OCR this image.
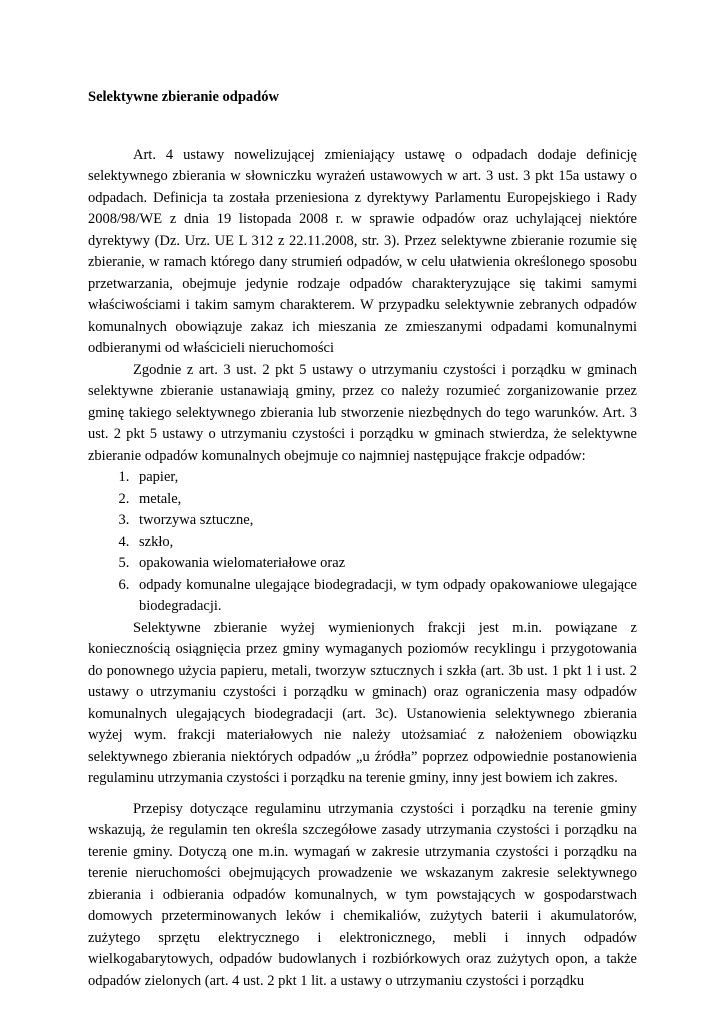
Selektywne zbieranie odpadów

Art. 4 ustawy nowelizującej zmieniający ustawę o odpadach dodaje definicję selektywnego zbierania w słowniczku wyrażeń ustawowych w art. 3 ust. 3 pkt 15a ustawy o odpadach. Definicja ta została przeniesiona z dyrektywy Parlamentu Europejskiego i Rady 2008/98/WE z dnia 19 listopada 2008 r. w sprawie odpadów oraz uchylającej niektóre dyrektywy (Dz. Urz. UE L 312 z 22.11.2008, str. 3). Przez selektywne zbieranie rozumie się zbieranie, w ramach którego dany strumień odpadów, w celu ułatwienia określonego sposobu przetwarzania, obejmuje jedynie rodzaje odpadów charakteryzujące się takimi samymi właściwościami i takim samym charakterem. W przypadku selektywnie zebranych odpadów komunalnych obowiązuje zakaz ich mieszania ze zmieszanymi odpadami komunalnymi odbieranymi od właścicieli nieruchomości

Zgodnie z art. 3 ust. 2 pkt 5 ustawy o utrzymaniu czystości i porządku w gminach selektywne zbieranie ustanawiają gminy, przez co należy rozumieć zorganizowanie przez gminę takiego selektywnego zbierania lub stworzenie niezbędnych do tego warunków. Art. 3 ust. 2 pkt 5 ustawy o utrzymaniu czystości i porządku w gminach stwierdza, że selektywne zbieranie odpadów komunalnych obejmuje co najmniej następujące frakcje odpadów:

1. papier,
2. metale,
3. tworzywa sztuczne,
4. szkło,
5. opakowania wielomateriałowe oraz
6. odpady komunalne ulegające biodegradacji, w tym odpady opakowaniowe ulegające biodegradacji.

Selektywne zbieranie wyżej wymienionych frakcji jest m.in. powiązane z koniecznością osiągnięcia przez gminy wymaganych poziomów recyklingu i przygotowania do ponownego użycia papieru, metali, tworzyw sztucznych i szkła (art. 3b ust. 1 pkt 1 i ust. 2 ustawy o utrzymaniu czystości i porządku w gminach) oraz ograniczenia masy odpadów komunalnych ulegających biodegradacji (art. 3c). Ustanowienia selektywnego zbierania wyżej wym. frakcji materiałowych nie należy utożsamiać z nałożeniem obowiązku selektywnego zbierania niektórych odpadów „u źródła” poprzez odpowiednie postanowienia regulaminu utrzymania czystości i porządku na terenie gminy, inny jest bowiem ich zakres.

Przepisy dotyczące regulaminu utrzymania czystości i porządku na terenie gminy wskazują, że regulamin ten określa szczegółowe zasady utrzymania czystości i porządku na terenie gminy. Dotyczą one m.in. wymagań w zakresie utrzymania czystości i porządku na terenie nieruchomości obejmujących prowadzenie we wskazanym zakresie selektywnego zbierania i odbierania odpadów komunalnych, w tym powstających w gospodarstwach domowych przeterminowanych leków i chemikaliów, zużytych baterii i akumulatorów, zużytego sprzętu elektrycznego i elektronicznego, mebli i innych odpadów wielkogabarytowych, odpadów budowlanych i rozbiórkowych oraz zużytych opon, a także odpadów zielonych (art. 4 ust. 2 pkt 1 lit. a ustawy o utrzymaniu czystości i porządku
